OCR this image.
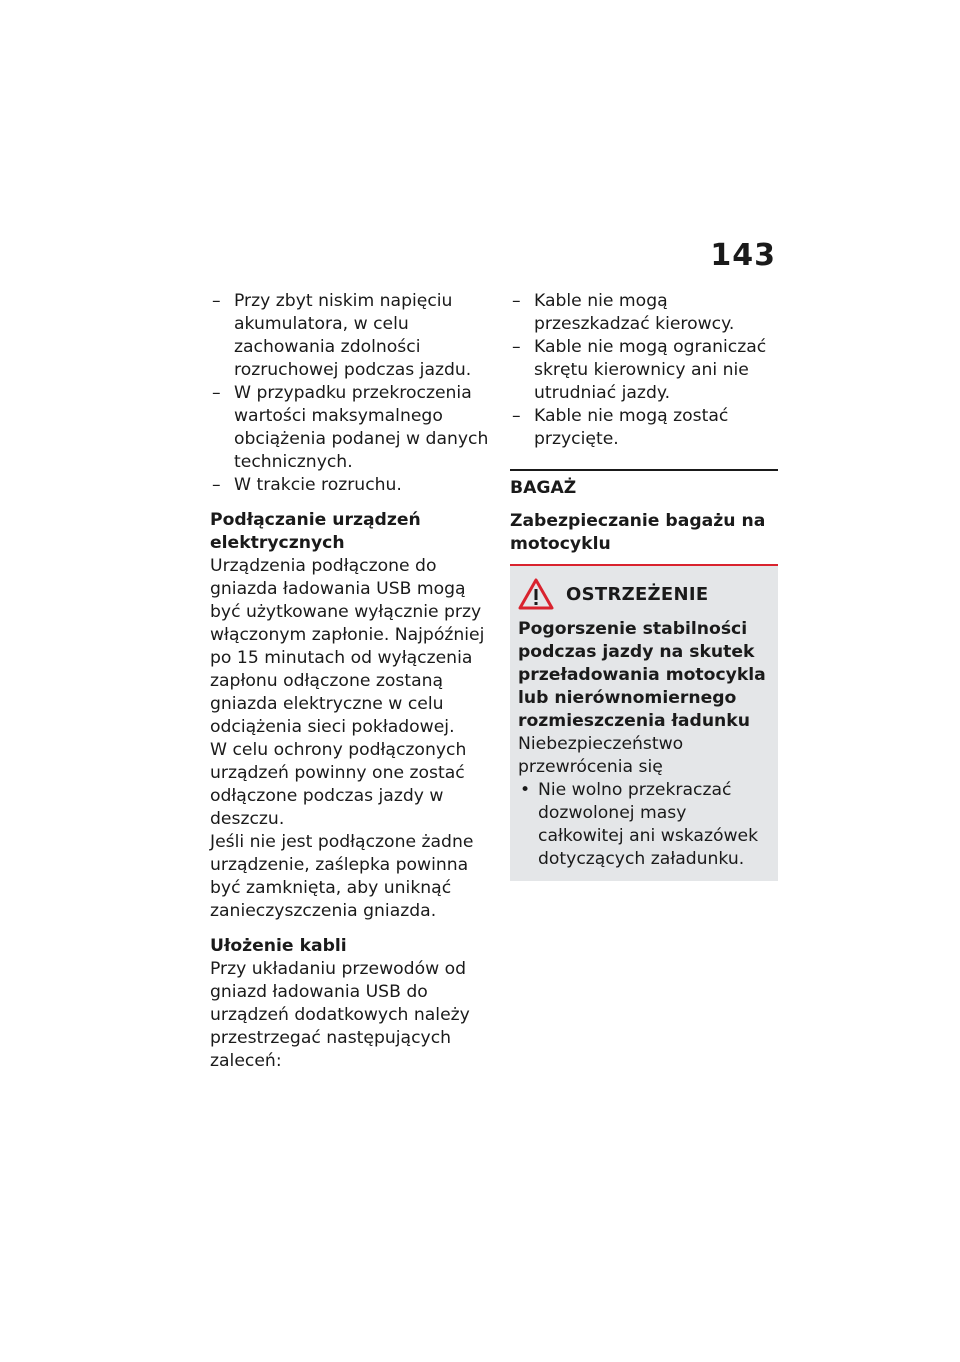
143
– Przy zbyt niskim napięciu akumulatora, w celu zachowania zdolności rozruchowej podczas jazdu.
– W przypadku przekroczenia wartości maksymalnego obciążenia podanej w danych technicznych.
– W trakcie rozruchu.
Podłączanie urządzeń elektrycznych

Urządzenia podłączone do gniazda ładowania USB mogą być użytkowane wyłącznie przy włączonym zapłonie. Najpóźniej po 15 minutach od wyłączenia zapłonu odłączone zostaną gniazda elektryczne w celu odciążenia sieci pokładowej.

W celu ochrony podłączonych urządzeń powinny one zostać odłączone podczas jazdy w deszczu.

Jeśli nie jest podłączone żadne urządzenie, zaślepka powinna być zamknięta, aby uniknąć zanieczyszczenia gniazda.

Ułożenie kabli

Przy układaniu przewodów od gniazd ładowania USB do urządzeń dodatkowych należy przestrzegać następujących zaleceń:

– Kable nie mogą przeszkadzać kierowcy.
– Kable nie mogą ograniczać skrętu kierownicy ani nie utrudniać jazdy.
– Kable nie mogą zostać przycięte.
BAGAŻ
Zabezpieczanie bagażu na motocyklu
OSTRZEŻENIE

Pogorszenie stabilności podczas jazdy na skutek przeładowania motocykla lub nierównomiernego rozmieszczenia ładunku

Niebezpieczeństwo przewrócenia się

• Nie wolno przekraczać dozwolonej masy całkowitej ani wskazówek dotyczących załadunku.
